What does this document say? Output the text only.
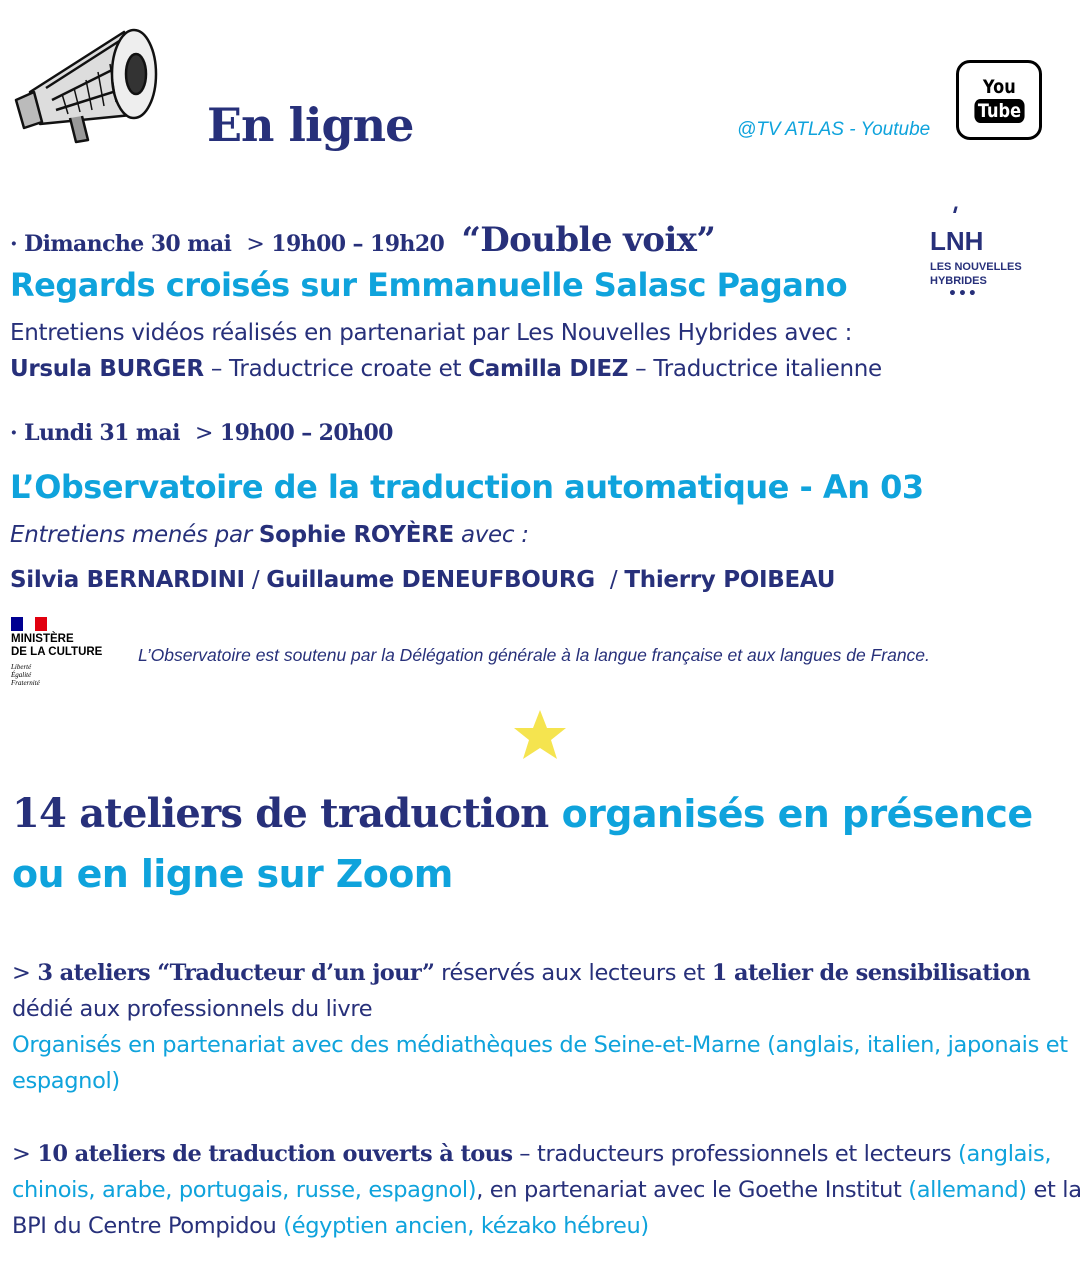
En ligne	@TV ATLAS - Youtube
You
Tube
· Dimanche 30 mai > 19h00 – 19h20 “Double voix”
'
LNH
LES NOUVELLES
HYBRIDES
•••
Regards croisés sur Emmanuelle Salasc Pagano
Entretiens vidéos réalisés en partenariat par Les Nouvelles Hybrides avec :
Ursula BURGER – Traductrice croate et Camilla DIEZ – Traductrice italienne
· Lundi 31 mai > 19h00 – 20h00
L’Observatoire de la traduction automatique - An 03
Entretiens menés par Sophie ROYÈRE avec :
Silvia BERNARDINI / Guillaume DENEUFBOURG / Thierry POIBEAU
MINISTÈRE
DE LA CULTURE
Liberté
Égalité
Fraternité
L’Observatoire est soutenu par la Délégation générale à la langue française et aux langues de France.
14 ateliers de traduction organisés en présence ou en ligne sur Zoom
> 3 ateliers “Traducteur d’un jour” réservés aux lecteurs et 1 atelier de sensibilisation dédié aux professionnels du livre
Organisés en partenariat avec des médiathèques de Seine-et-Marne (anglais, italien, japonais et espagnol)
> 10 ateliers de traduction ouverts à tous – traducteurs professionnels et lecteurs (anglais, chinois, arabe, portugais, russe, espagnol), en partenariat avec le Goethe Institut (allemand) et la BPI du Centre Pompidou (égyptien ancien, kézako hébreu)
